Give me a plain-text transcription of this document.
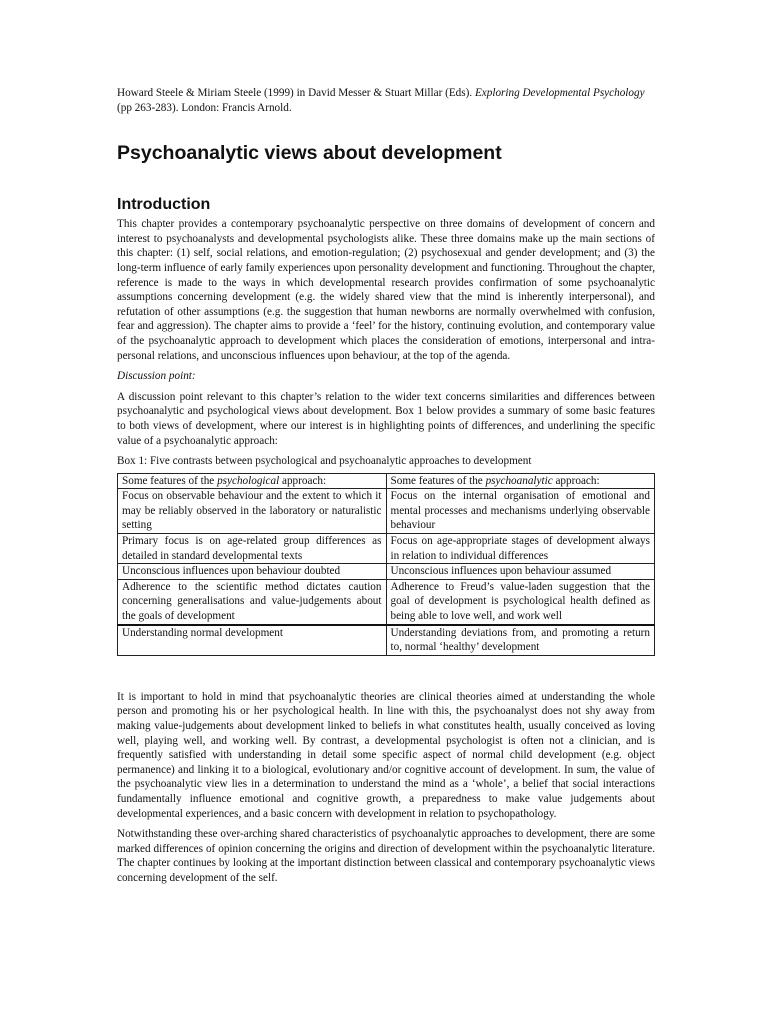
Howard Steele & Miriam Steele (1999) in David Messer & Stuart Millar (Eds). Exploring Developmental Psychology (pp 263-283). London: Francis Arnold.

Psychoanalytic views about development
Introduction

This chapter provides a contemporary psychoanalytic perspective on three domains of development of concern and interest to psychoanalysts and developmental psychologists alike. These three domains make up the main sections of this chapter: (1) self, social relations, and emotion-regulation; (2) psychosexual and gender development; and (3) the long-term influence of early family experiences upon personality development and functioning. Throughout the chapter, reference is made to the ways in which developmental research provides confirmation of some psychoanalytic assumptions concerning development (e.g. the widely shared view that the mind is inherently interpersonal), and refutation of other assumptions (e.g. the suggestion that human newborns are normally overwhelmed with confusion, fear and aggression). The chapter aims to provide a ‘feel’ for the history, continuing evolution, and contemporary value of the psychoanalytic approach to development which places the consideration of emotions, interpersonal and intra-personal relations, and unconscious influences upon behaviour, at the top of the agenda.

Discussion point:

A discussion point relevant to this chapter’s relation to the wider text concerns similarities and differences between psychoanalytic and psychological views about development. Box 1 below provides a summary of some basic features to both views of development, where our interest is in highlighting points of differences, and underlining the specific value of a psychoanalytic approach:

Box 1: Five contrasts between psychological and psychoanalytic approaches to development

Some features of the psychological approach:	Some features of the psychoanalytic approach:
Focus on observable behaviour and the extent to which it may be reliably observed in the laboratory or naturalistic setting	Focus on the internal organisation of emotional and mental processes and mechanisms underlying observable behaviour
Primary focus is on age-related group differences as detailed in standard developmental texts	Focus on age-appropriate stages of development always in relation to individual differences
Unconscious influences upon behaviour doubted	Unconscious influences upon behaviour assumed
Adherence to the scientific method dictates caution concerning generalisations and value-judgements about the goals of development	Adherence to Freud’s value-laden suggestion that the goal of development is psychological health defined as being able to love well, and work well
Understanding normal development	Understanding deviations from, and promoting a return to, normal ‘healthy’ development

It is important to hold in mind that psychoanalytic theories are clinical theories aimed at understanding the whole person and promoting his or her psychological health. In line with this, the psychoanalyst does not shy away from making value-judgements about development linked to beliefs in what constitutes health, usually conceived as loving well, playing well, and working well. By contrast, a developmental psychologist is often not a clinician, and is frequently satisfied with understanding in detail some specific aspect of normal child development (e.g. object permanence) and linking it to a biological, evolutionary and/or cognitive account of development. In sum, the value of the psychoanalytic view lies in a determination to understand the mind as a ‘whole’, a belief that social interactions fundamentally influence emotional and cognitive growth, a preparedness to make value judgements about developmental experiences, and a basic concern with development in relation to psychopathology.

Notwithstanding these over-arching shared characteristics of psychoanalytic approaches to development, there are some marked differences of opinion concerning the origins and direction of development within the psychoanalytic literature. The chapter continues by looking at the important distinction between classical and contemporary psychoanalytic views concerning development of the self.
